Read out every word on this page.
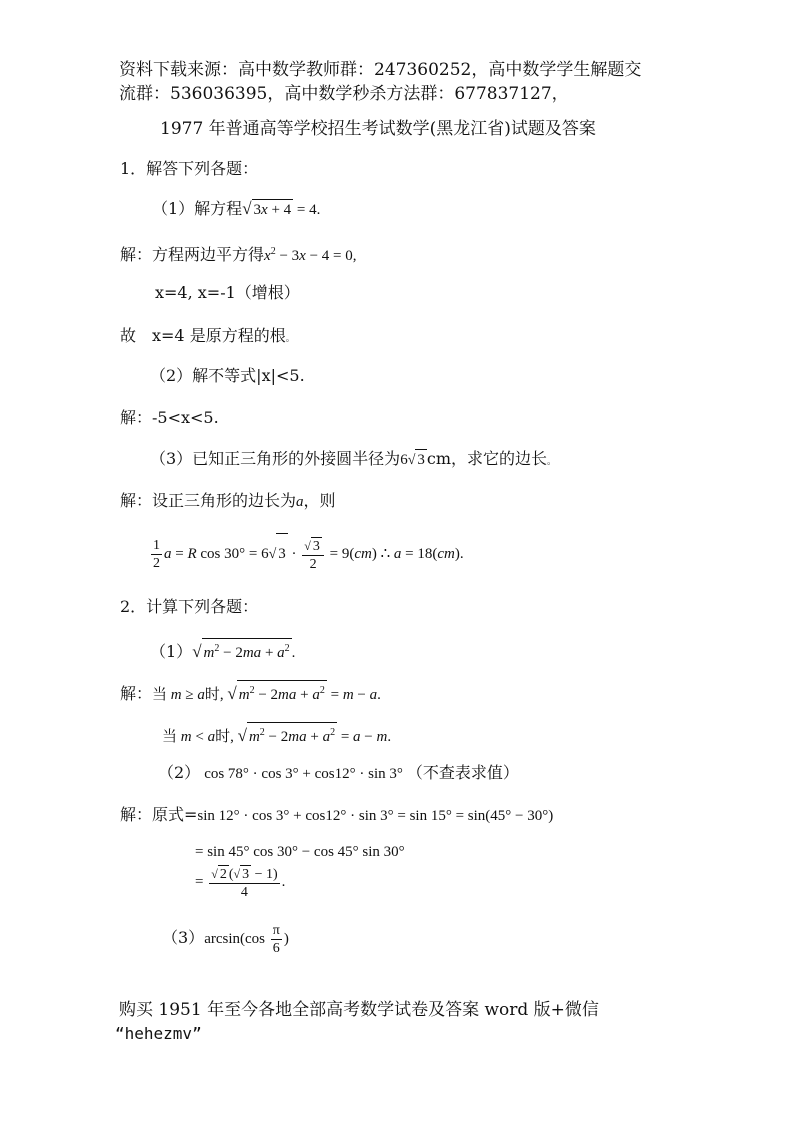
资料下载来源：高中数学教师群：247360252，高中数学学生解题交
流群：536036395，高中数学秒杀方法群：677837127，
1977 年普通高等学校招生考试数学(黑龙江省)试题及答案
1．解答下列各题：
（1）解方程√ 3x + 4 = 4.
解：方程两边平方得$x^2 - 3x - 4 = 0$,
x=4, x=-1（增根）
故　x=4 是原方程的根。
（2）解不等式|x|<5.
解：-5<x<5.
（3）已知正三角形的外接圆半径为6√ 3 cm，求它的边长。
解：设正三角形的边长为a，则
$\frac{1}{2}$ a = R cos 30° = 6√ $3 \cdot \frac{√ 3}{2} = 9(cm)$ ∴ a = 18(cm).
2．计算下列各题：
（1）√ $m^2 - 2ma + a^2$ .
解：当 m ≥ a时, √ $m^2 - 2ma + a^2 = m - a$.
当 m < a时, √ $m^2 - 2ma + a^2 = a - m$.
（2） cos 78° · cos 3° + cos12° · sin 3° （不查表求值）
解：原式=sin 12° · cos 3° + cos12° · sin 3° = sin 15° = sin(45° − 30°)
= sin 45° cos 30° − cos 45° sin 30°
= $\frac{√ 2 (√ 3 - 1)}{4}$ .
$(3)\arcsin(\cos \frac{\pi}{6}$ )
购买 1951 年至今各地全部高考数学试卷及答案 word 版+微信
“hehezmv”
